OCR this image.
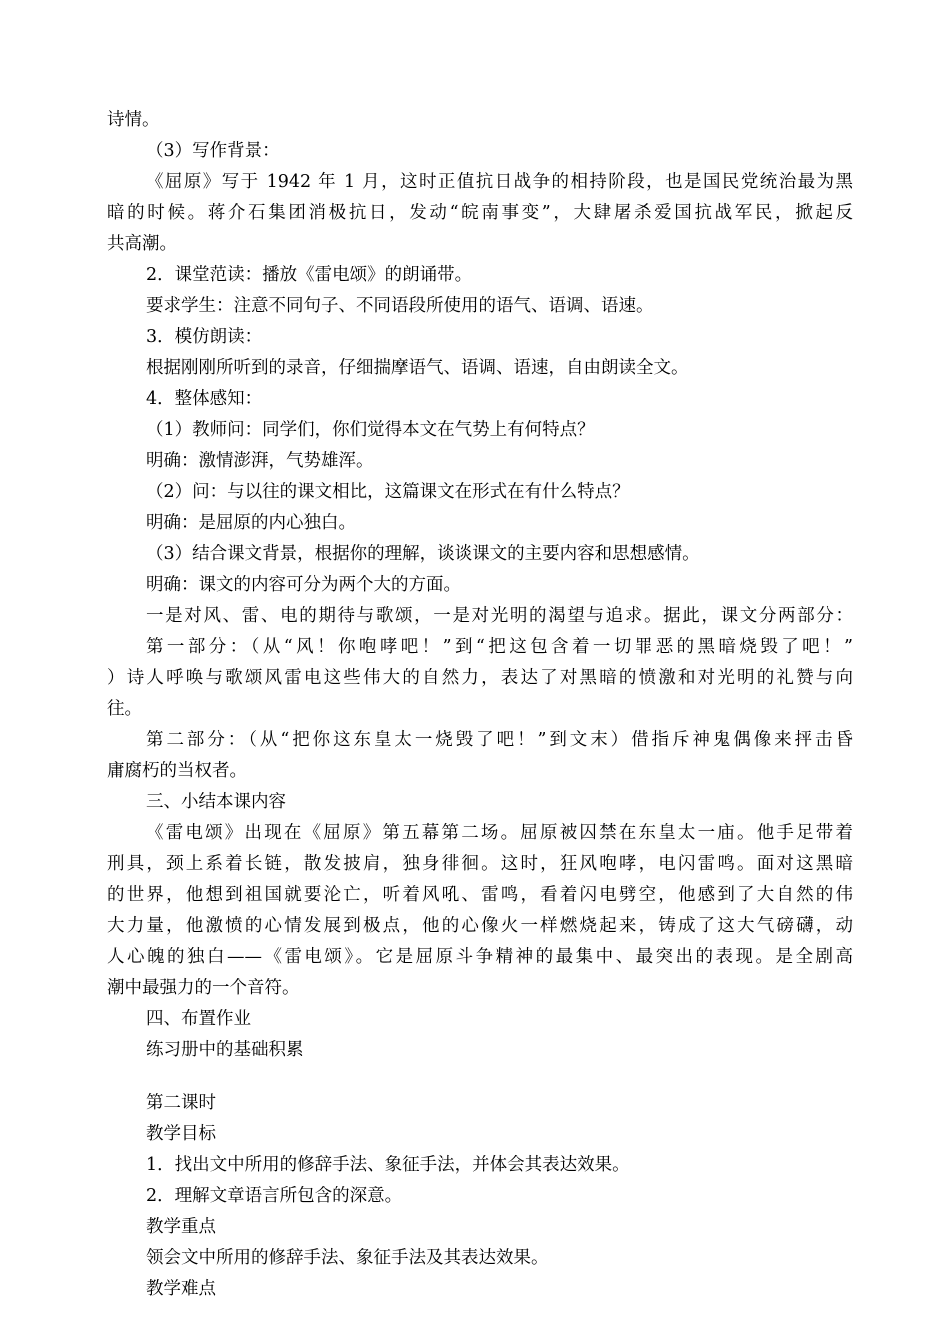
诗情。
（3）写作背景：
《屈原》写于 1942 年 1 月，这时正值抗日战争的相持阶段，也是国民党统治最为黑
暗的时候。蒋介石集团消极抗日，发动“皖南事变”，大肆屠杀爱国抗战军民，掀起反
共高潮。
2．课堂范读：播放《雷电颂》的朗诵带。
要求学生：注意不同句子、不同语段所使用的语气、语调、语速。
3．模仿朗读：
根据刚刚所听到的录音，仔细揣摩语气、语调、语速，自由朗读全文。
4．整体感知：
（1）教师问：同学们，你们觉得本文在气势上有何特点？
明确：激情澎湃，气势雄浑。
（2）问：与以往的课文相比，这篇课文在形式在有什么特点？
明确：是屈原的内心独白。
（3）结合课文背景，根据你的理解，谈谈课文的主要内容和思想感情。
明确：课文的内容可分为两个大的方面。
一是对风、雷、电的期待与歌颂，一是对光明的渴望与追求。据此，课文分两部分：
第一部分：（从“风！你咆哮吧！”到“把这包含着一切罪恶的黑暗烧毁了吧！”
）诗人呼唤与歌颂风雷电这些伟大的自然力，表达了对黑暗的愤激和对光明的礼赞与向
往。
第二部分：（从“把你这东皇太一烧毁了吧！”到文末）借指斥神鬼偶像来抨击昏
庸腐朽的当权者。
三、小结本课内容
《雷电颂》出现在《屈原》第五幕第二场。屈原被囚禁在东皇太一庙。他手足带着
刑具，颈上系着长链，散发披肩，独身徘徊。这时，狂风咆哮，电闪雷鸣。面对这黑暗
的世界，他想到祖国就要沦亡，听着风吼、雷鸣，看着闪电劈空，他感到了大自然的伟
大力量，他激愤的心情发展到极点，他的心像火一样燃烧起来，铸成了这大气磅礴，动
人心魄的独白——《雷电颂》。它是屈原斗争精神的最集中、最突出的表现。是全剧高
潮中最强力的一个音符。
四、布置作业
练习册中的基础积累
第二课时
教学目标
1．找出文中所用的修辞手法、象征手法，并体会其表达效果。
2．理解文章语言所包含的深意。
教学重点
领会文中所用的修辞手法、象征手法及其表达效果。
教学难点
